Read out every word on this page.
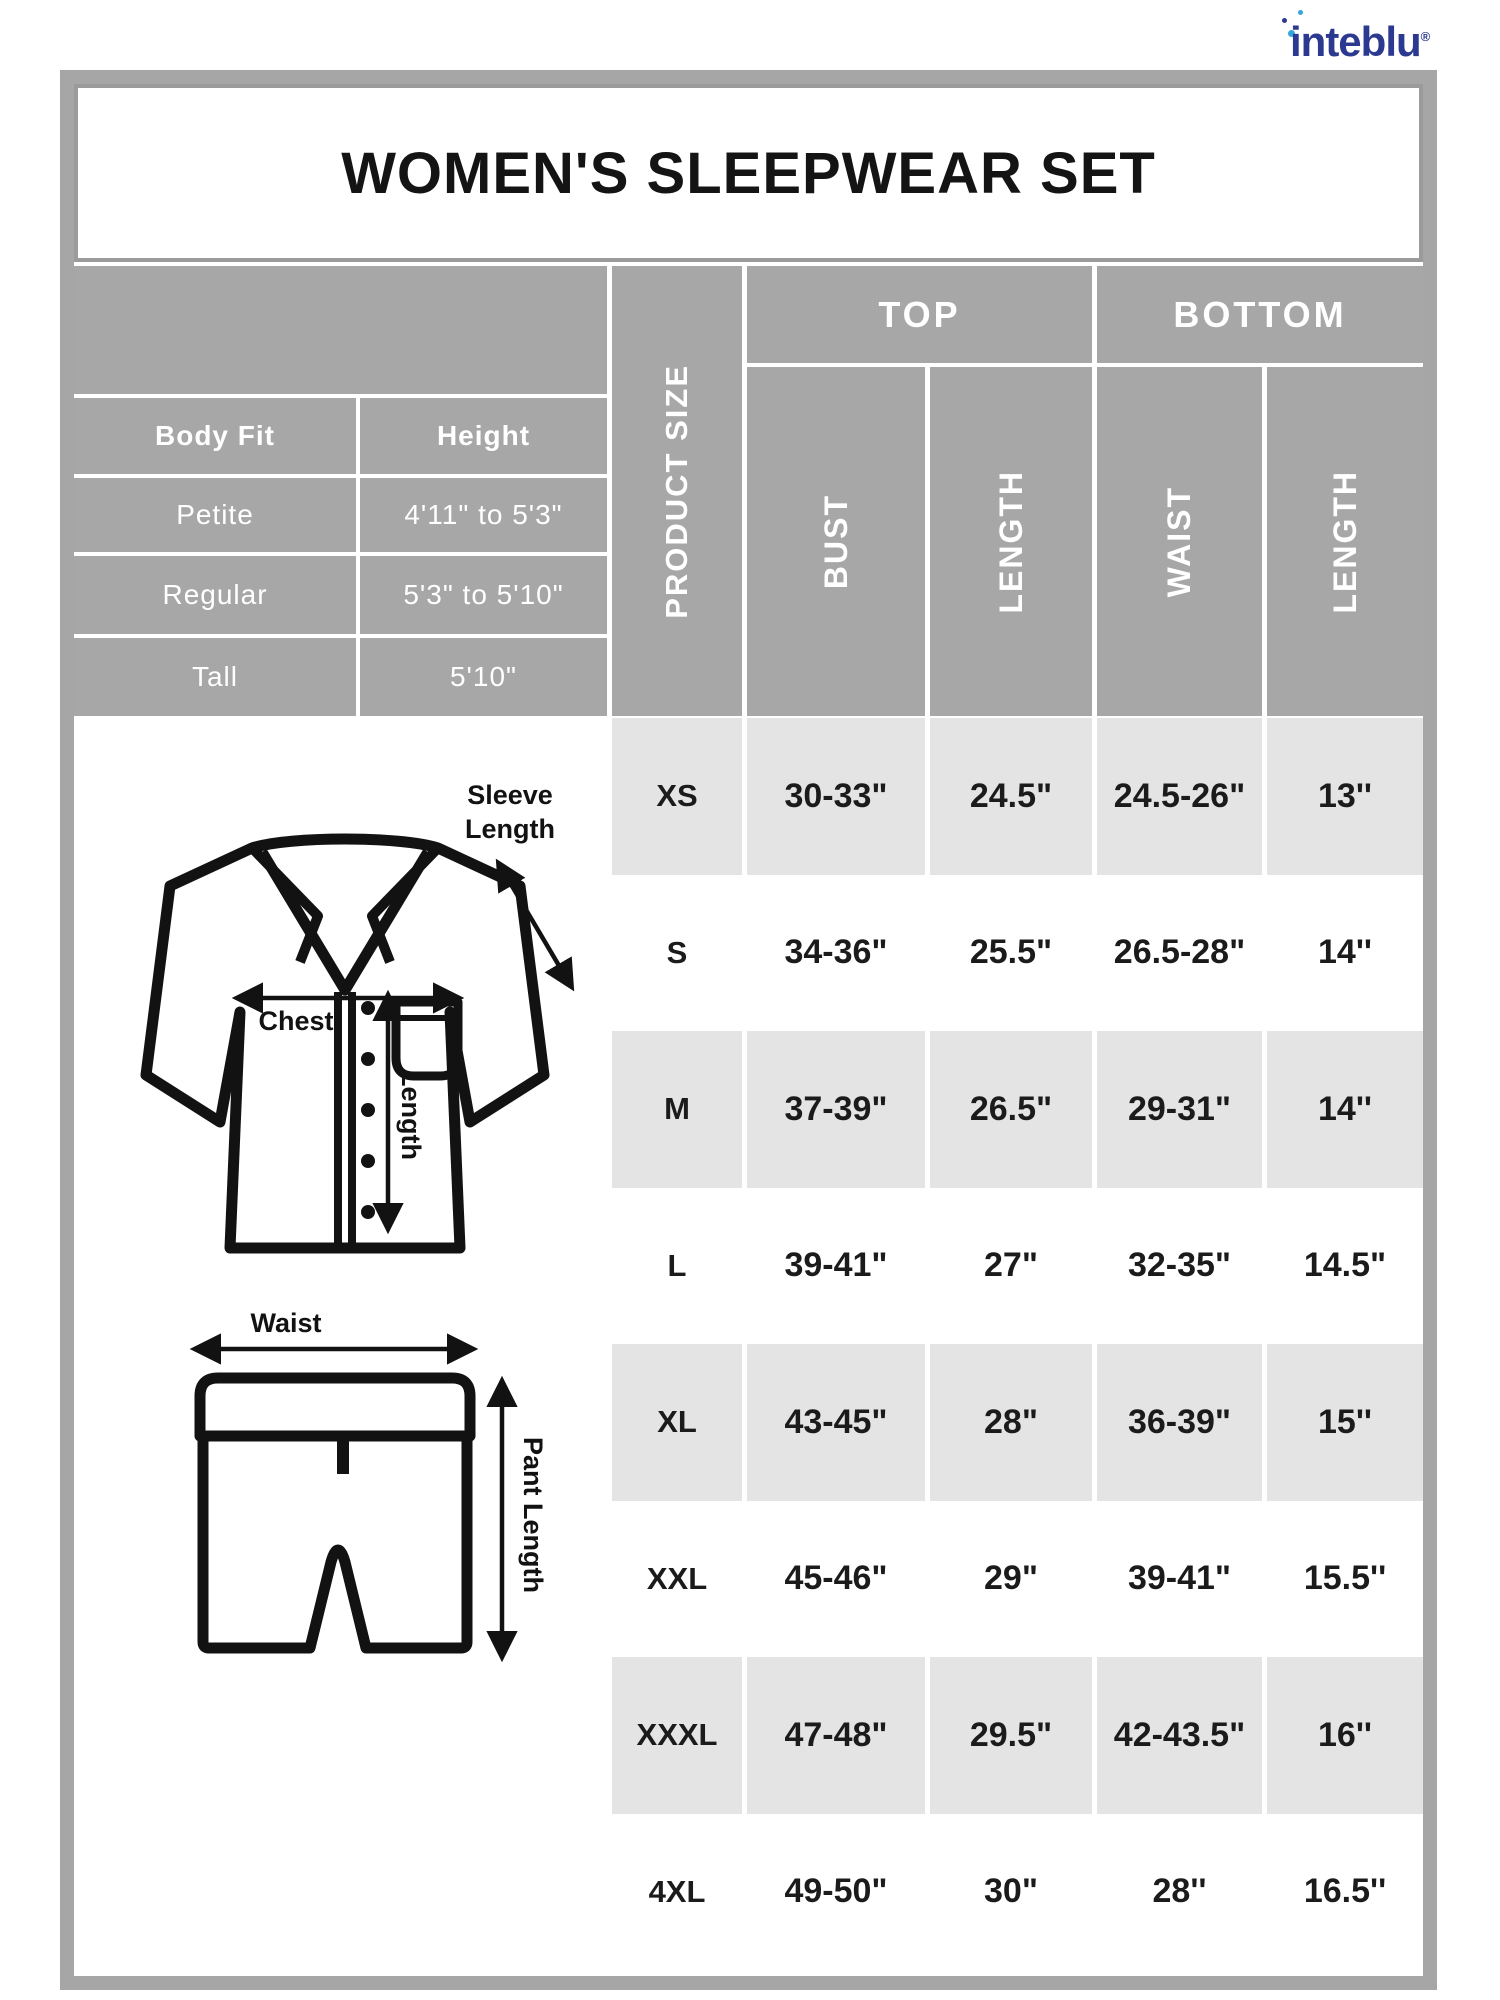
inteblu®
WOMEN'S SLEEPWEAR SET
Body Fit	Height
Petite	4'11" to 5'3"
Regular	5'3" to 5'10"
Tall	5'10"
PRODUCT SIZE
TOP	BOTTOM
BUST	LENGTH	WAIST	LENGTH
XS	30-33"	24.5"	24.5-26"	13''
S	34-36"	25.5"	26.5-28"	14''
M	37-39"	26.5"	29-31"	14''
L	39-41"	27"	32-35"	14.5"
XL	43-45"	28"	36-39"	15''
XXL	45-46"	29"	39-41"	15.5''
XXXL	47-48"	29.5"	42-43.5"	16''
4XL	49-50"	30"	28''	16.5''
Sleeve Length
Chest
Length
Waist
Pant Length
